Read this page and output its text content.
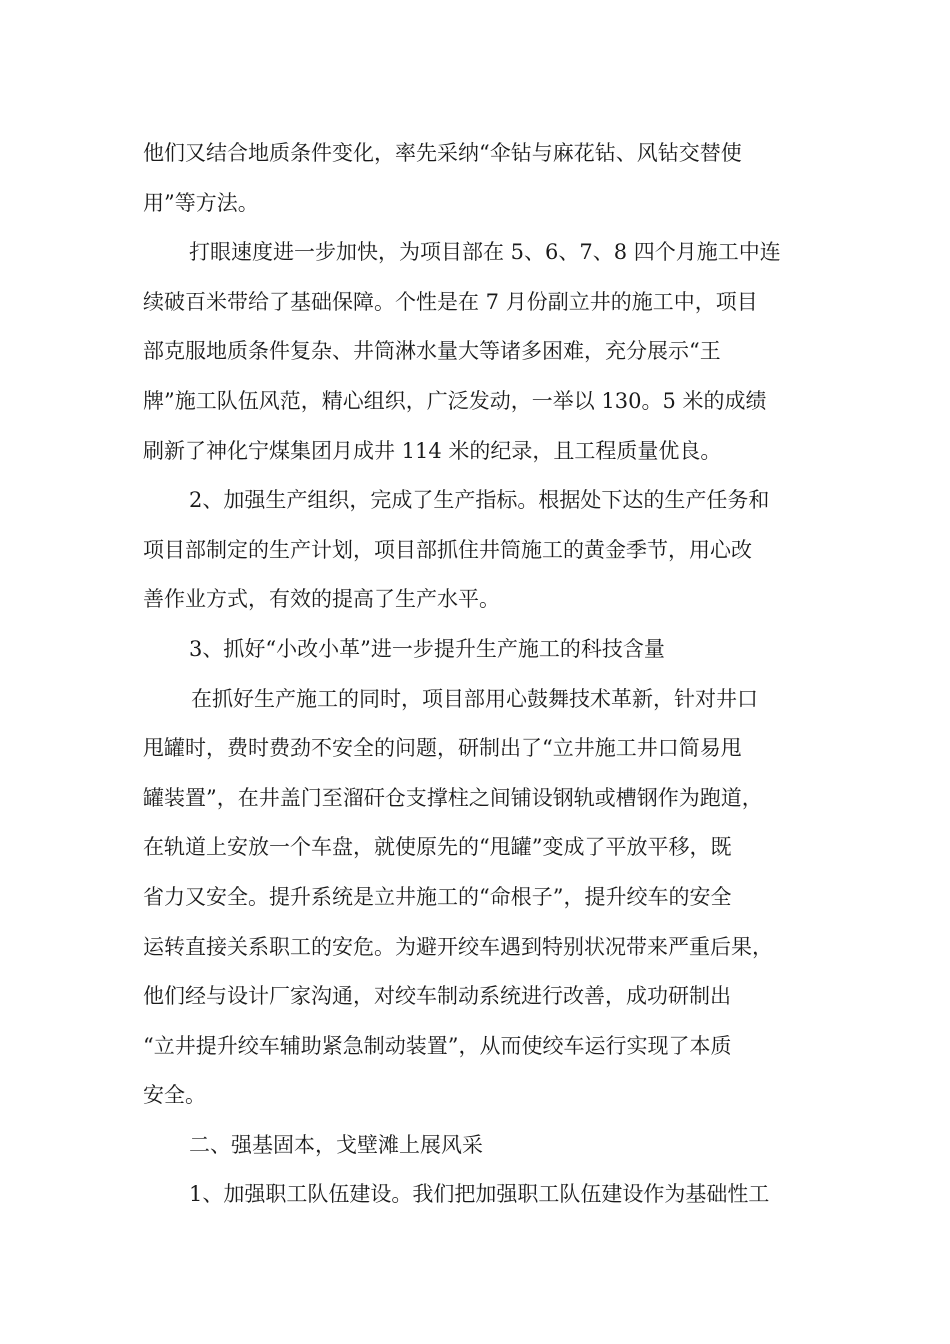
他们又结合地质条件变化，率先采纳“伞钻与麻花钻、风钻交替使
用”等方法。
打眼速度进一步加快，为项目部在 5、6、7、8 四个月施工中连
续破百米带给了基础保障。个性是在 7 月份副立井的施工中，项目
部克服地质条件复杂、井筒淋水量大等诸多困难，充分展示“王
牌”施工队伍风范，精心组织，广泛发动，一举以 130。5 米的成绩
刷新了神化宁煤集团月成井 114 米的纪录，且工程质量优良。
2、加强生产组织，完成了生产指标。根据处下达的生产任务和
项目部制定的生产计划，项目部抓住井筒施工的黄金季节，用心改
善作业方式，有效的提高了生产水平。
3、抓好“小改小革”进一步提升生产施工的科技含量
在抓好生产施工的同时，项目部用心鼓舞技术革新，针对井口
甩罐时，费时费劲不安全的问题，研制出了“立井施工井口简易甩
罐装置”，在井盖门至溜矸仓支撑柱之间铺设钢轨或槽钢作为跑道，
在轨道上安放一个车盘，就使原先的“甩罐”变成了平放平移，既
省力又安全。提升系统是立井施工的“命根子”，提升绞车的安全
运转直接关系职工的安危。为避开绞车遇到特别状况带来严重后果，
他们经与设计厂家沟通，对绞车制动系统进行改善，成功研制出
“立井提升绞车辅助紧急制动装置”，从而使绞车运行实现了本质
安全。
二、强基固本，戈壁滩上展风采
1、加强职工队伍建设。我们把加强职工队伍建设作为基础性工
